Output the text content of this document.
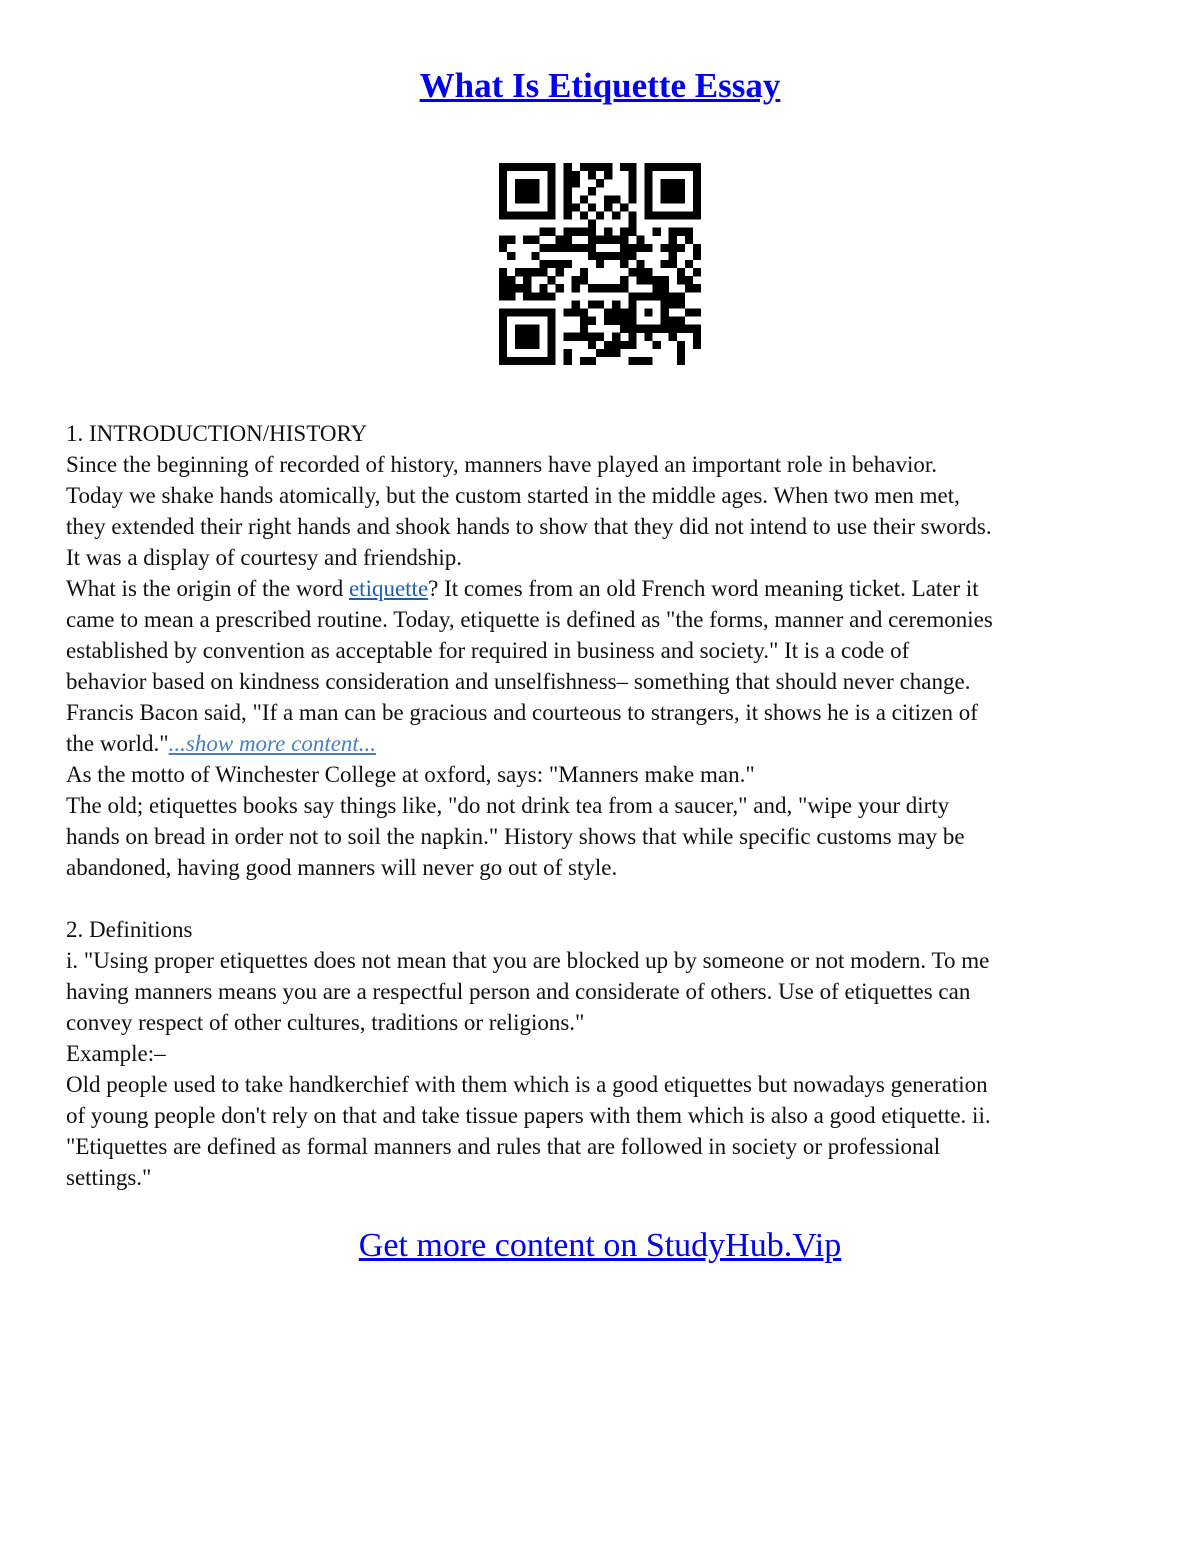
What Is Etiquette Essay
1. INTRODUCTION/HISTORY
Since the beginning of recorded of history, manners have played an important role in behavior.
Today we shake hands atomically, but the custom started in the middle ages. When two men met,
they extended their right hands and shook hands to show that they did not intend to use their swords.
It was a display of courtesy and friendship.
What is the origin of the word etiquette? It comes from an old French word meaning ticket. Later it
came to mean a prescribed routine. Today, etiquette is defined as "the forms, manner and ceremonies
established by convention as acceptable for required in business and society." It is a code of
behavior based on kindness consideration and unselfishness– something that should never change.
Francis Bacon said, "If a man can be gracious and courteous to strangers, it shows he is a citizen of
the world."...show more content...
As the motto of Winchester College at oxford, says: "Manners make man."
The old; etiquettes books say things like, "do not drink tea from a saucer," and, "wipe your dirty
hands on bread in order not to soil the napkin." History shows that while specific customs may be
abandoned, having good manners will never go out of style.
2. Definitions
i. "Using proper etiquettes does not mean that you are blocked up by someone or not modern. To me
having manners means you are a respectful person and considerate of others. Use of etiquettes can
convey respect of other cultures, traditions or religions."
Example:–
Old people used to take handkerchief with them which is a good etiquettes but nowadays generation
of young people don't rely on that and take tissue papers with them which is also a good etiquette. ii.
"Etiquettes are defined as formal manners and rules that are followed in society or professional
settings."
Get more content on StudyHub.Vip
